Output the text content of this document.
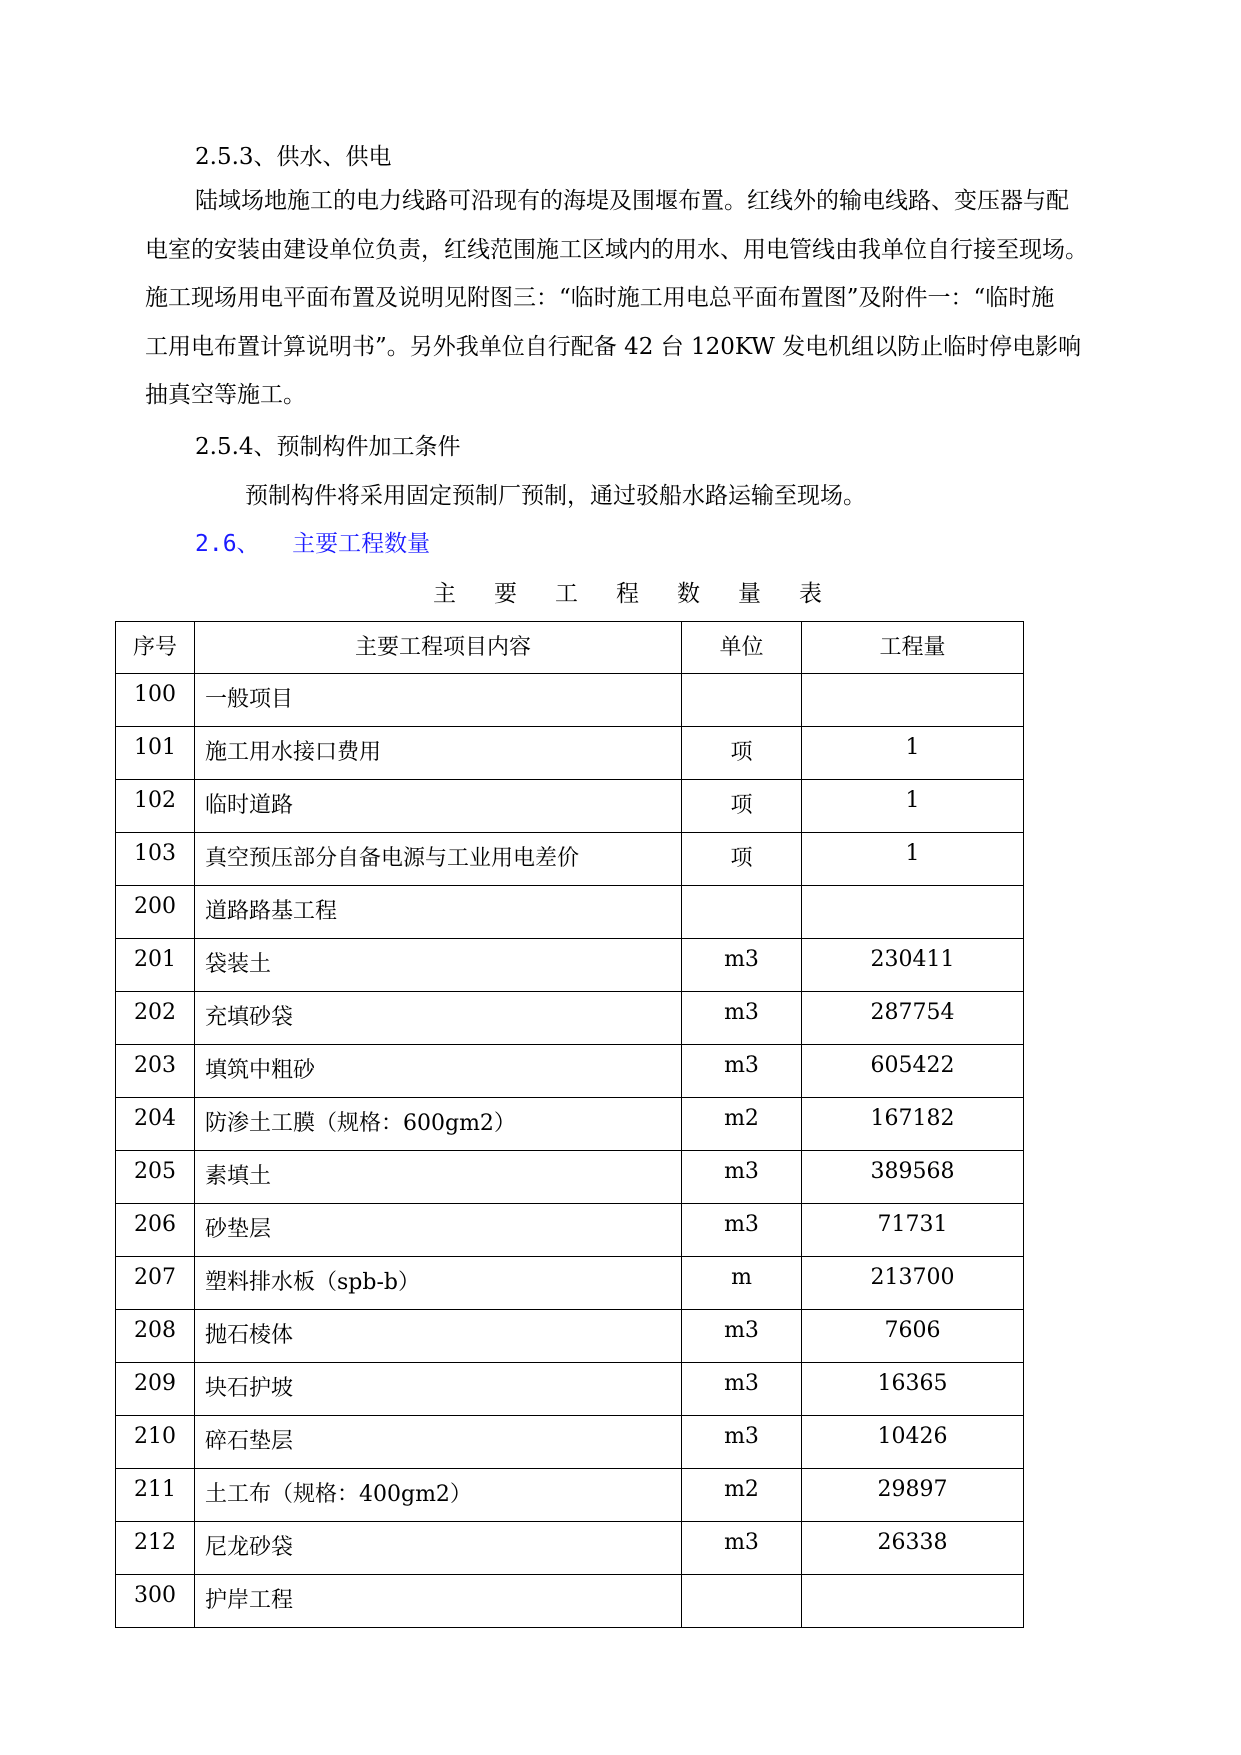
2.5.3、供水、供电
陆域场地施工的电力线路可沿现有的海堤及围堰布置。红线外的输电线路、变压器与配
电室的安装由建设单位负责，红线范围施工区域内的用水、用电管线由我单位自行接至现场。
施工现场用电平面布置及说明见附图三：“临时施工用电总平面布置图”及附件一：“临时施
工用电布置计算说明书”。另外我单位自行配备 42 台 120KW 发电机组以防止临时停电影响
抽真空等施工。
2.5.4、预制构件加工条件
预制构件将采用固定预制厂预制，通过驳船水路运输至现场。
2.6、 主要工程数量
主要工程数量表
序号	主要工程项目内容	单位	工程量

100	一般项目		

101	施工用水接口费用	项	1

102	临时道路	项	1

103	真空预压部分自备电源与工业用电差价	项	1

200	道路路基工程		

201	袋装土	m3	230411

202	充填砂袋	m3	287754

203	填筑中粗砂	m3	605422

204	防渗土工膜（规格：600gm2）	m2	167182

205	素填土	m3	389568

206	砂垫层	m3	71731

207	塑料排水板（spb-b）	m	213700

208	抛石棱体	m3	7606

209	块石护坡	m3	16365

210	碎石垫层	m3	10426

211	土工布（规格：400gm2）	m2	29897

212	尼龙砂袋	m3	26338

300	护岸工程		
